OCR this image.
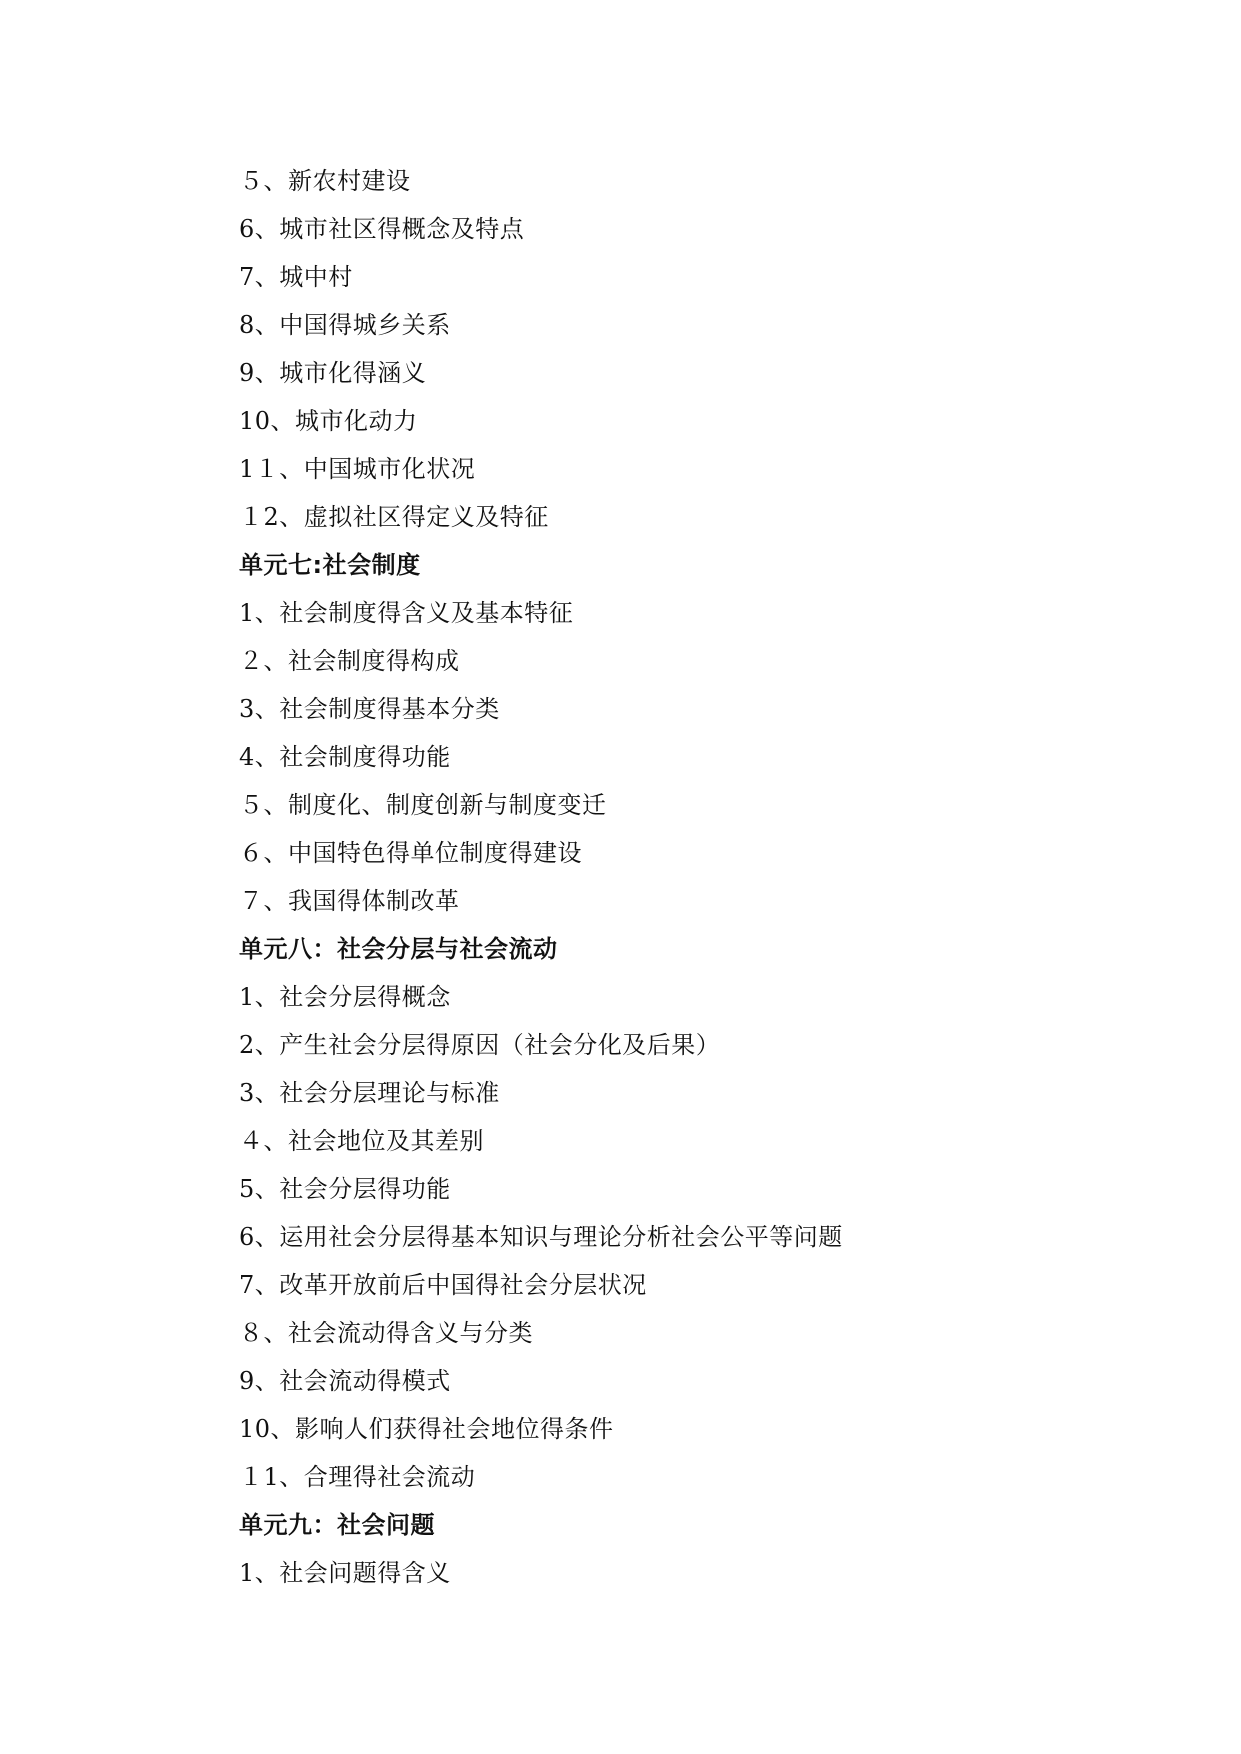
５、新农村建设
6、城市社区得概念及特点
7、城中村
8、中国得城乡关系
9、城市化得涵义
10、城市化动力
1１、中国城市化状况
１2、虚拟社区得定义及特征
单元七:社会制度
1、社会制度得含义及基本特征
２、社会制度得构成
3、社会制度得基本分类
4、社会制度得功能
５、制度化、制度创新与制度变迁
６、中国特色得单位制度得建设
７、我国得体制改革
单元八：社会分层与社会流动
1、社会分层得概念
2、产生社会分层得原因（社会分化及后果）
3、社会分层理论与标准
４、社会地位及其差别
5、社会分层得功能
6、运用社会分层得基本知识与理论分析社会公平等问题
7、改革开放前后中国得社会分层状况
８、社会流动得含义与分类
9、社会流动得模式
10、影响人们获得社会地位得条件
１1、合理得社会流动
单元九：社会问题
1、社会问题得含义
